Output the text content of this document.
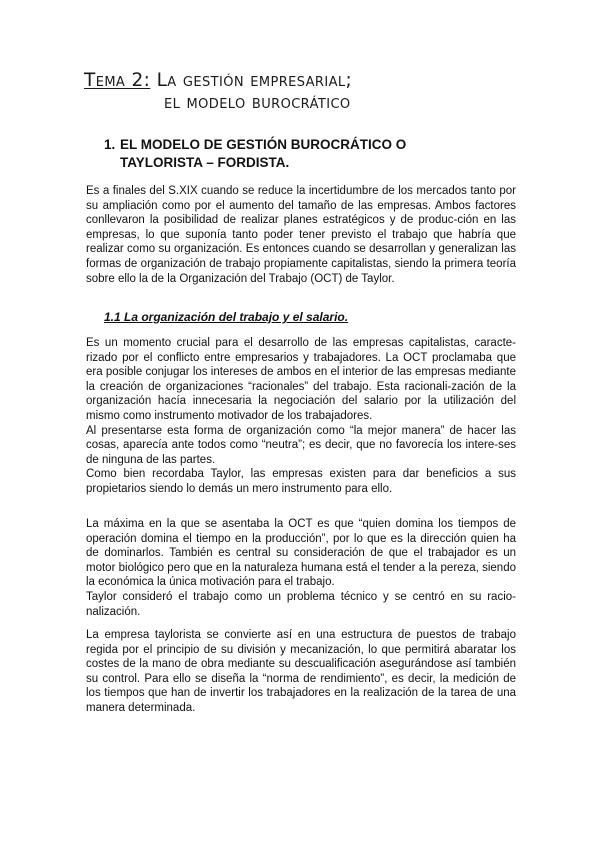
Tema 2: La gestión empresarial;
el modelo burocrático
1. EL MODELO DE GESTIÓN BUROCRÁTICO O TAYLORISTA – FORDISTA.

Es a finales del S.XIX cuando se reduce la incertidumbre de los mercados tanto por su ampliación como por el aumento del tamaño de las empresas. Ambos factores conllevaron la posibilidad de realizar planes estratégicos y de produc-ción en las empresas, lo que suponía tanto poder tener previsto el trabajo que habría que realizar como su organización. Es entonces cuando se desarrollan y generalizan las formas de organización de trabajo propiamente capitalistas, siendo la primera teoría sobre ello la de la Organización del Trabajo (OCT) de Taylor.

1.1 La organización del trabajo y el salario.

Es un momento crucial para el desarrollo de las empresas capitalistas, caracte-rizado por el conflicto entre empresarios y trabajadores. La OCT proclamaba que era posible conjugar los intereses de ambos en el interior de las empresas mediante la creación de organizaciones “racionales” del trabajo. Esta racionali-zación de la organización hacía innecesaria la negociación del salario por la utilización del mismo como instrumento motivador de los trabajadores.

Al presentarse esta forma de organización como “la mejor manera” de hacer las cosas, aparecía ante todos como “neutra”; es decir, que no favorecía los intere-ses de ninguna de las partes.

Como bien recordaba Taylor, las empresas existen para dar beneficios a sus propietarios siendo lo demás un mero instrumento para ello.

La máxima en la que se asentaba la OCT es que “quien domina los tiempos de operación domina el tiempo en la producción”, por lo que es la dirección quien ha de dominarlos. También es central su consideración de que el trabajador es un motor biológico pero que en la naturaleza humana está el tender a la pereza, siendo la económica la única motivación para el trabajo.

Taylor consideró el trabajo como un problema técnico y se centró en su racio-nalización.

La empresa taylorista se convierte así en una estructura de puestos de trabajo regida por el principio de su división y mecanización, lo que permitirá abaratar los costes de la mano de obra mediante su descualificación asegurándose así también su control. Para ello se diseña la “norma de rendimiento”, es decir, la medición de los tiempos que han de invertir los trabajadores en la realización de la tarea de una manera determinada.
